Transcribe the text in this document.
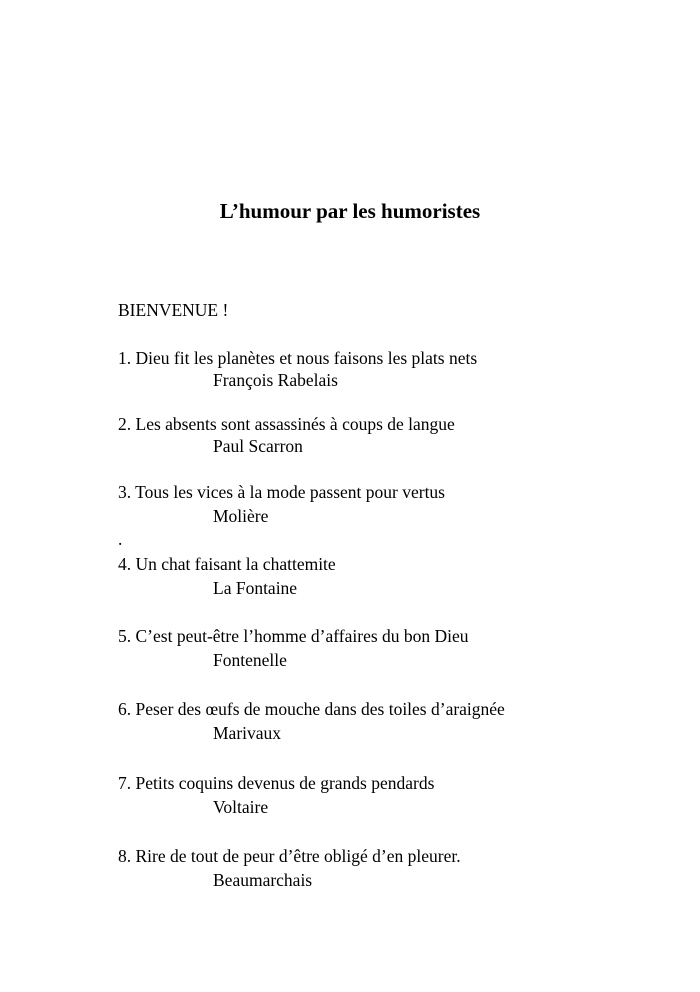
L’humour par les humoristes
BIENVENUE !
1. Dieu fit les planètes et nous faisons les plats nets
François Rabelais
2. Les absents sont assassinés à coups de langue
Paul Scarron
3. Tous les vices à la mode passent pour vertus
Molière
.
4. Un chat faisant la chattemite
La Fontaine
5. C’est peut-être l’homme d’affaires du bon Dieu
Fontenelle
6. Peser des œufs de mouche dans des toiles d’araignée
Marivaux
7. Petits coquins devenus de grands pendards
Voltaire
8. Rire de tout de peur d’être obligé d’en pleurer.
Beaumarchais
